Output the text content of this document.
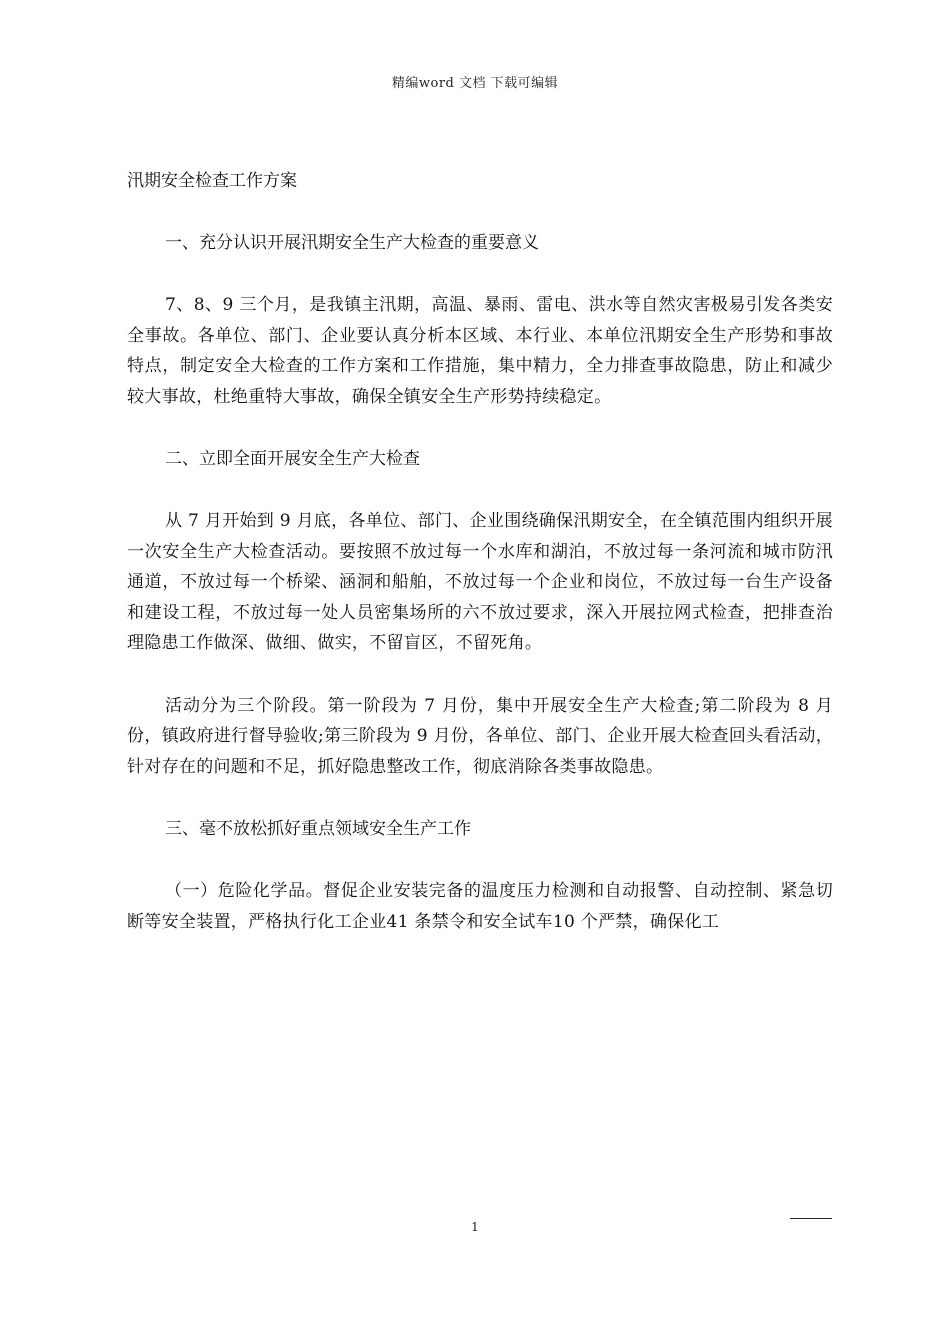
精编word 文档 下载可编辑
汛期安全检查工作方案
一、充分认识开展汛期安全生产大检查的重要意义

7、8、9 三个月，是我镇主汛期，高温、暴雨、雷电、洪水等自然灾害极易引发各类安全事故。各单位、部门、企业要认真分析本区域、本行业、本单位汛期安全生产形势和事故特点，制定安全大检查的工作方案和工作措施，集中精力，全力排查事故隐患，防止和减少较大事故，杜绝重特大事故，确保全镇安全生产形势持续稳定。

二、立即全面开展安全生产大检查

从 7 月开始到 9 月底，各单位、部门、企业围绕确保汛期安全，在全镇范围内组织开展一次安全生产大检查活动。要按照不放过每一个水库和湖泊，不放过每一条河流和城市防汛通道，不放过每一个桥梁、涵洞和船舶，不放过每一个企业和岗位，不放过每一台生产设备和建设工程，不放过每一处人员密集场所的六不放过要求，深入开展拉网式检查，把排查治理隐患工作做深、做细、做实，不留盲区，不留死角。

活动分为三个阶段。第一阶段为 7 月份，集中开展安全生产大检查;第二阶段为 8 月份，镇政府进行督导验收;第三阶段为 9 月份，各单位、部门、企业开展大检查回头看活动，针对存在的问题和不足，抓好隐患整改工作，彻底消除各类事故隐患。

三、毫不放松抓好重点领域安全生产工作

（一）危险化学品。督促企业安装完备的温度压力检测和自动报警、自动控制、紧急切断等安全装置，严格执行化工企业41 条禁令和安全试车10 个严禁，确保化工

1
